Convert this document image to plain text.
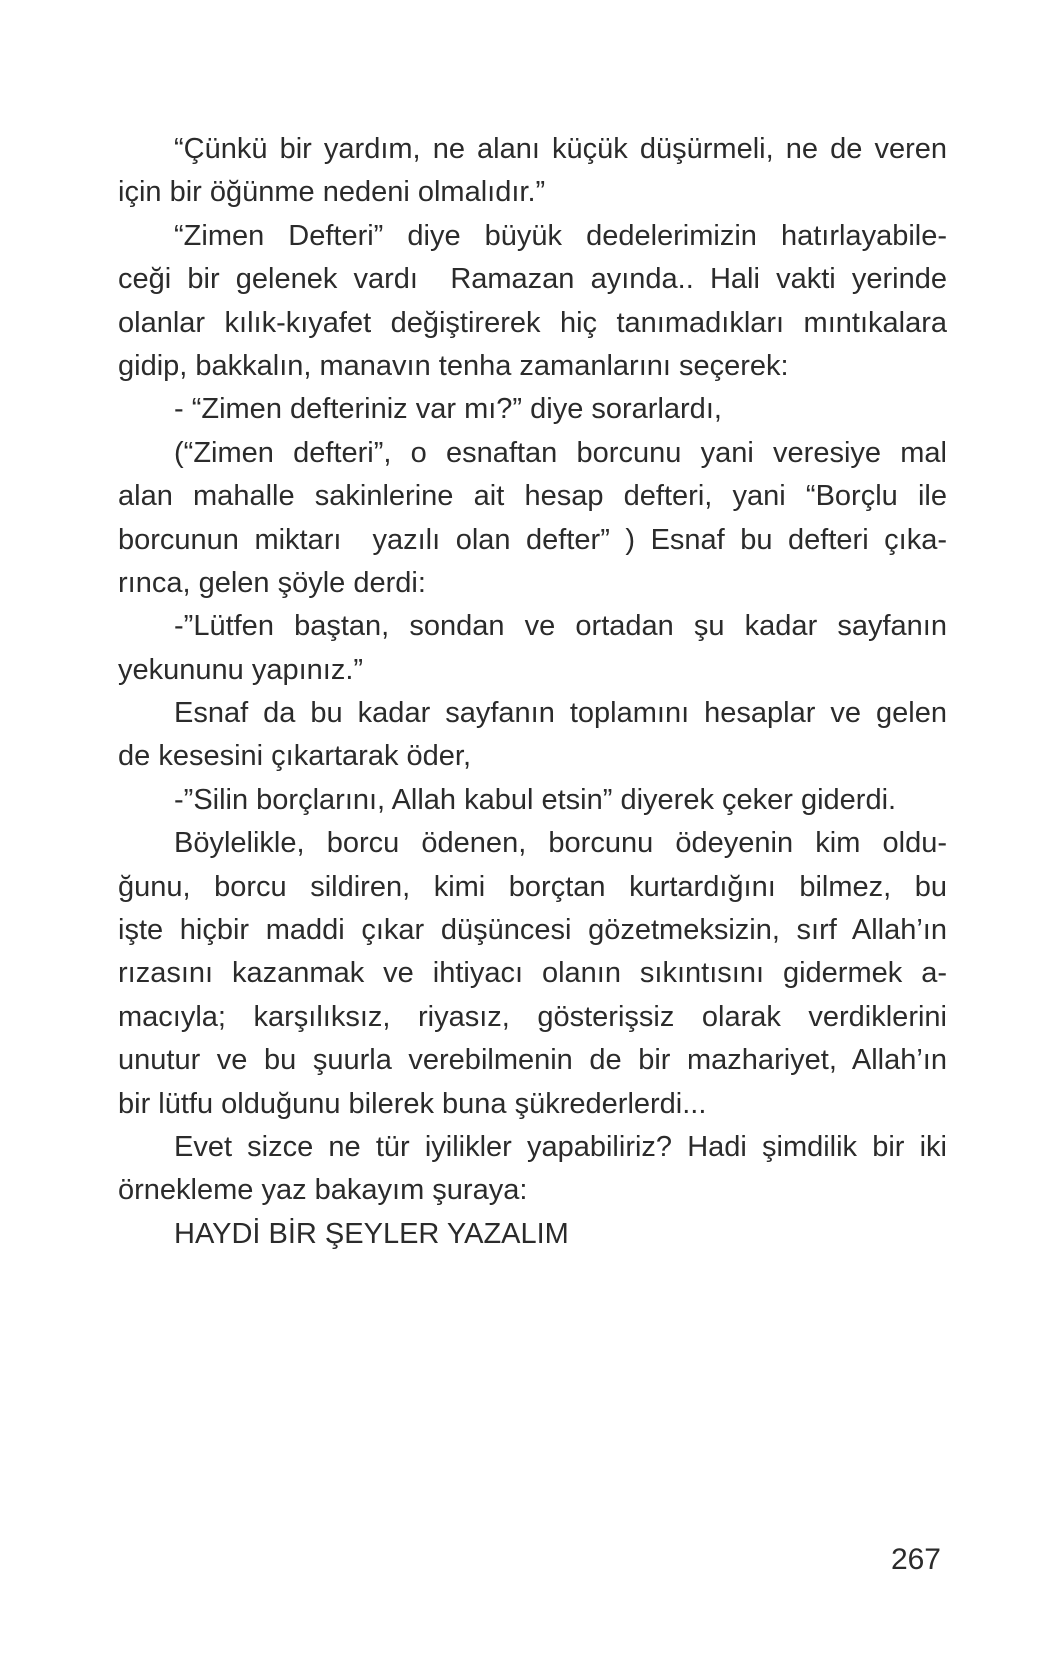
“Çünkü bir yardım, ne alanı küçük düşürmeli, ne de veren
için bir öğünme nedeni olmalıdır.”
“Zimen Defteri” diye büyük dedelerimizin hatırlayabile-
ceği bir gelenek vardı  Ramazan ayında.. Hali vakti yerinde
olanlar kılık-kıyafet değiştirerek hiç tanımadıkları mıntıkalara
gidip, bakkalın, manavın tenha zamanlarını seçerek:
- “Zimen defteriniz var mı?” diye sorarlardı,
(“Zimen defteri”, o esnaftan borcunu yani veresiye mal
alan mahalle sakinlerine ait hesap defteri, yani “Borçlu ile
borcunun miktarı  yazılı olan defter” ) Esnaf bu defteri çıka-
rınca, gelen şöyle derdi:
-”Lütfen baştan, sondan ve ortadan şu kadar sayfanın
yekununu yapınız.”
Esnaf da bu kadar sayfanın toplamını hesaplar ve gelen
de kesesini çıkartarak öder,
-”Silin borçlarını, Allah kabul etsin” diyerek çeker giderdi.
Böylelikle, borcu ödenen, borcunu ödeyenin kim oldu-
ğunu, borcu sildiren, kimi borçtan kurtardığını bilmez, bu
işte hiçbir maddi çıkar düşüncesi gözetmeksizin, sırf Allah’ın
rızasını kazanmak ve ihtiyacı olanın sıkıntısını gidermek a-
macıyla; karşılıksız, riyasız, gösterişsiz olarak verdiklerini
unutur ve bu şuurla verebilmenin de bir mazhariyet, Allah’ın
bir lütfu olduğunu bilerek buna şükrederlerdi...
Evet sizce ne tür iyilikler yapabiliriz? Hadi şimdilik bir iki
örnekleme yaz bakayım şuraya:
HAYDİ BİR ŞEYLER YAZALIM
267
